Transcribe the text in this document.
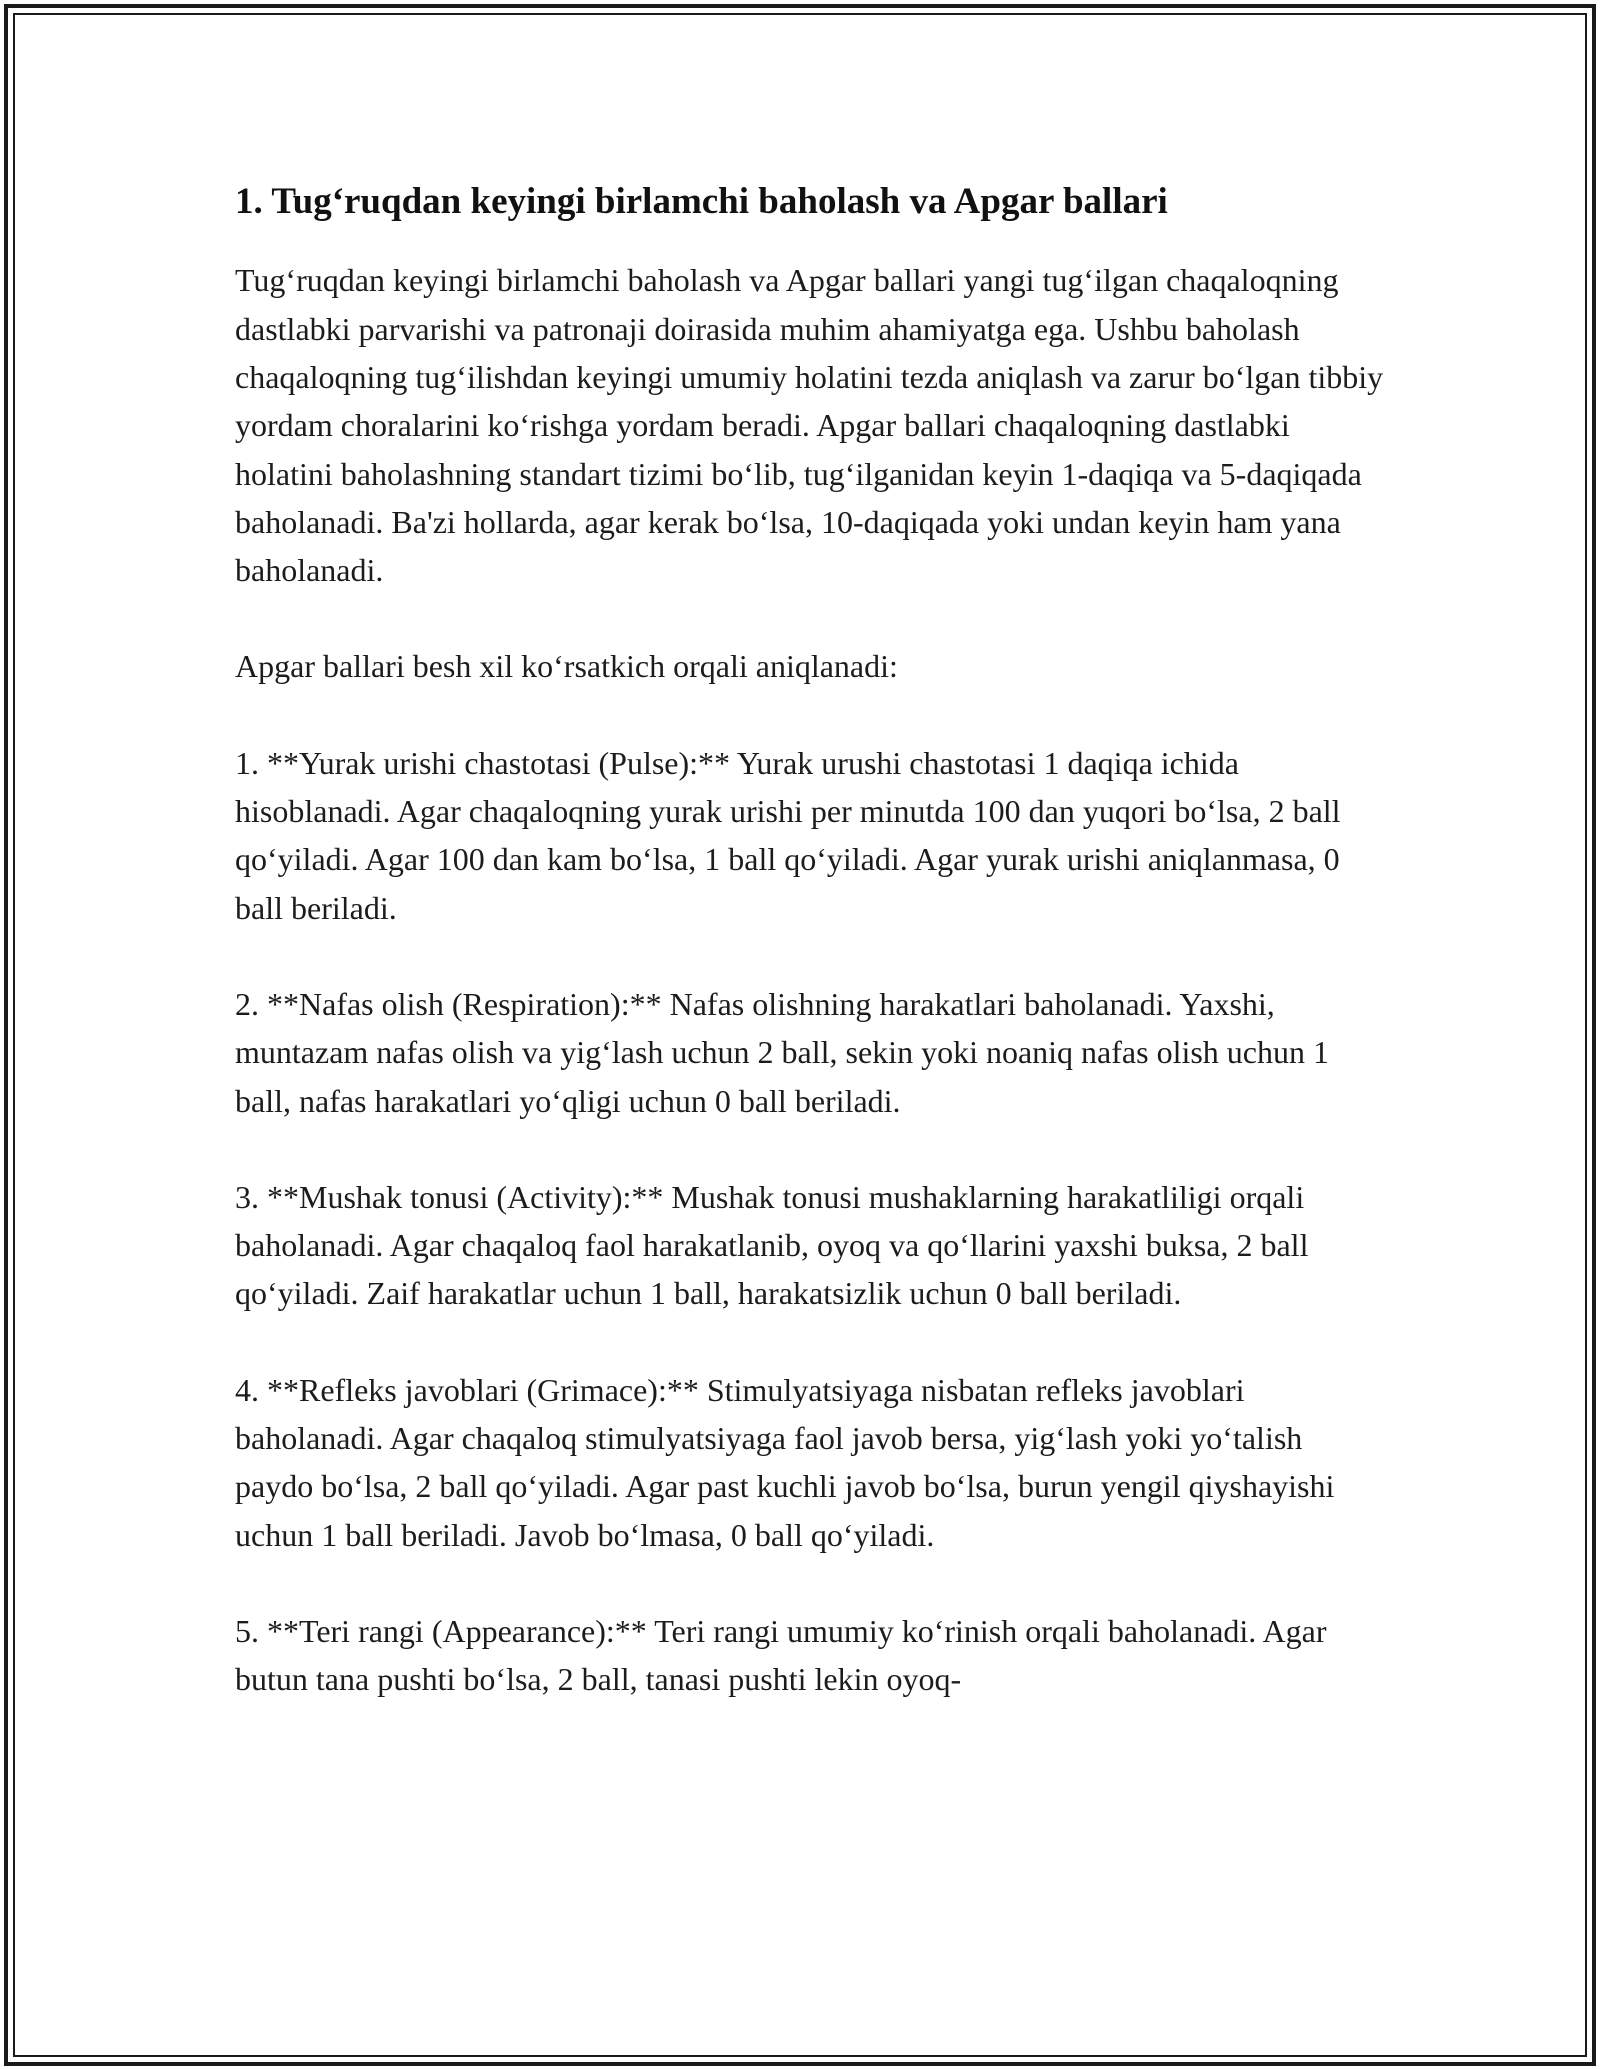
1. Tug‘ruqdan keyingi birlamchi baholash va Apgar ballari

Tug‘ruqdan keyingi birlamchi baholash va Apgar ballari yangi tug‘ilgan chaqaloqning dastlabki parvarishi va patronaji doirasida muhim ahamiyatga ega. Ushbu baholash chaqaloqning tug‘ilishdan keyingi umumiy holatini tezda aniqlash va zarur bo‘lgan tibbiy yordam choralarini ko‘rishga yordam beradi. Apgar ballari chaqaloqning dastlabki holatini baholashning standart tizimi bo‘lib, tug‘ilganidan keyin 1-daqiqa va 5-daqiqada baholanadi. Ba'zi hollarda, agar kerak bo‘lsa, 10-daqiqada yoki undan keyin ham yana baholanadi.

Apgar ballari besh xil ko‘rsatkich orqali aniqlanadi:

1. **Yurak urishi chastotasi (Pulse):** Yurak urushi chastotasi 1 daqiqa ichida hisoblanadi. Agar chaqaloqning yurak urishi per minutda 100 dan yuqori bo‘lsa, 2 ball qo‘yiladi. Agar 100 dan kam bo‘lsa, 1 ball qo‘yiladi. Agar yurak urishi aniqlanmasa, 0 ball beriladi.

2. **Nafas olish (Respiration):** Nafas olishning harakatlari baholanadi. Yaxshi, muntazam nafas olish va yig‘lash uchun 2 ball, sekin yoki noaniq nafas olish uchun 1 ball, nafas harakatlari yo‘qligi uchun 0 ball beriladi.

3. **Mushak tonusi (Activity):** Mushak tonusi mushaklarning harakatliligi orqali baholanadi. Agar chaqaloq faol harakatlanib, oyoq va qo‘llarini yaxshi buksa, 2 ball qo‘yiladi. Zaif harakatlar uchun 1 ball, harakatsizlik uchun 0 ball beriladi.

4. **Refleks javoblari (Grimace):** Stimulyatsiyaga nisbatan refleks javoblari baholanadi. Agar chaqaloq stimulyatsiyaga faol javob bersa, yig‘lash yoki yo‘talish paydo bo‘lsa, 2 ball qo‘yiladi. Agar past kuchli javob bo‘lsa, burun yengil qiyshayishi uchun 1 ball beriladi. Javob bo‘lmasa, 0 ball qo‘yiladi.

5. **Teri rangi (Appearance):** Teri rangi umumiy ko‘rinish orqali baholanadi. Agar butun tana pushti bo‘lsa, 2 ball, tanasi pushti lekin oyoq-
